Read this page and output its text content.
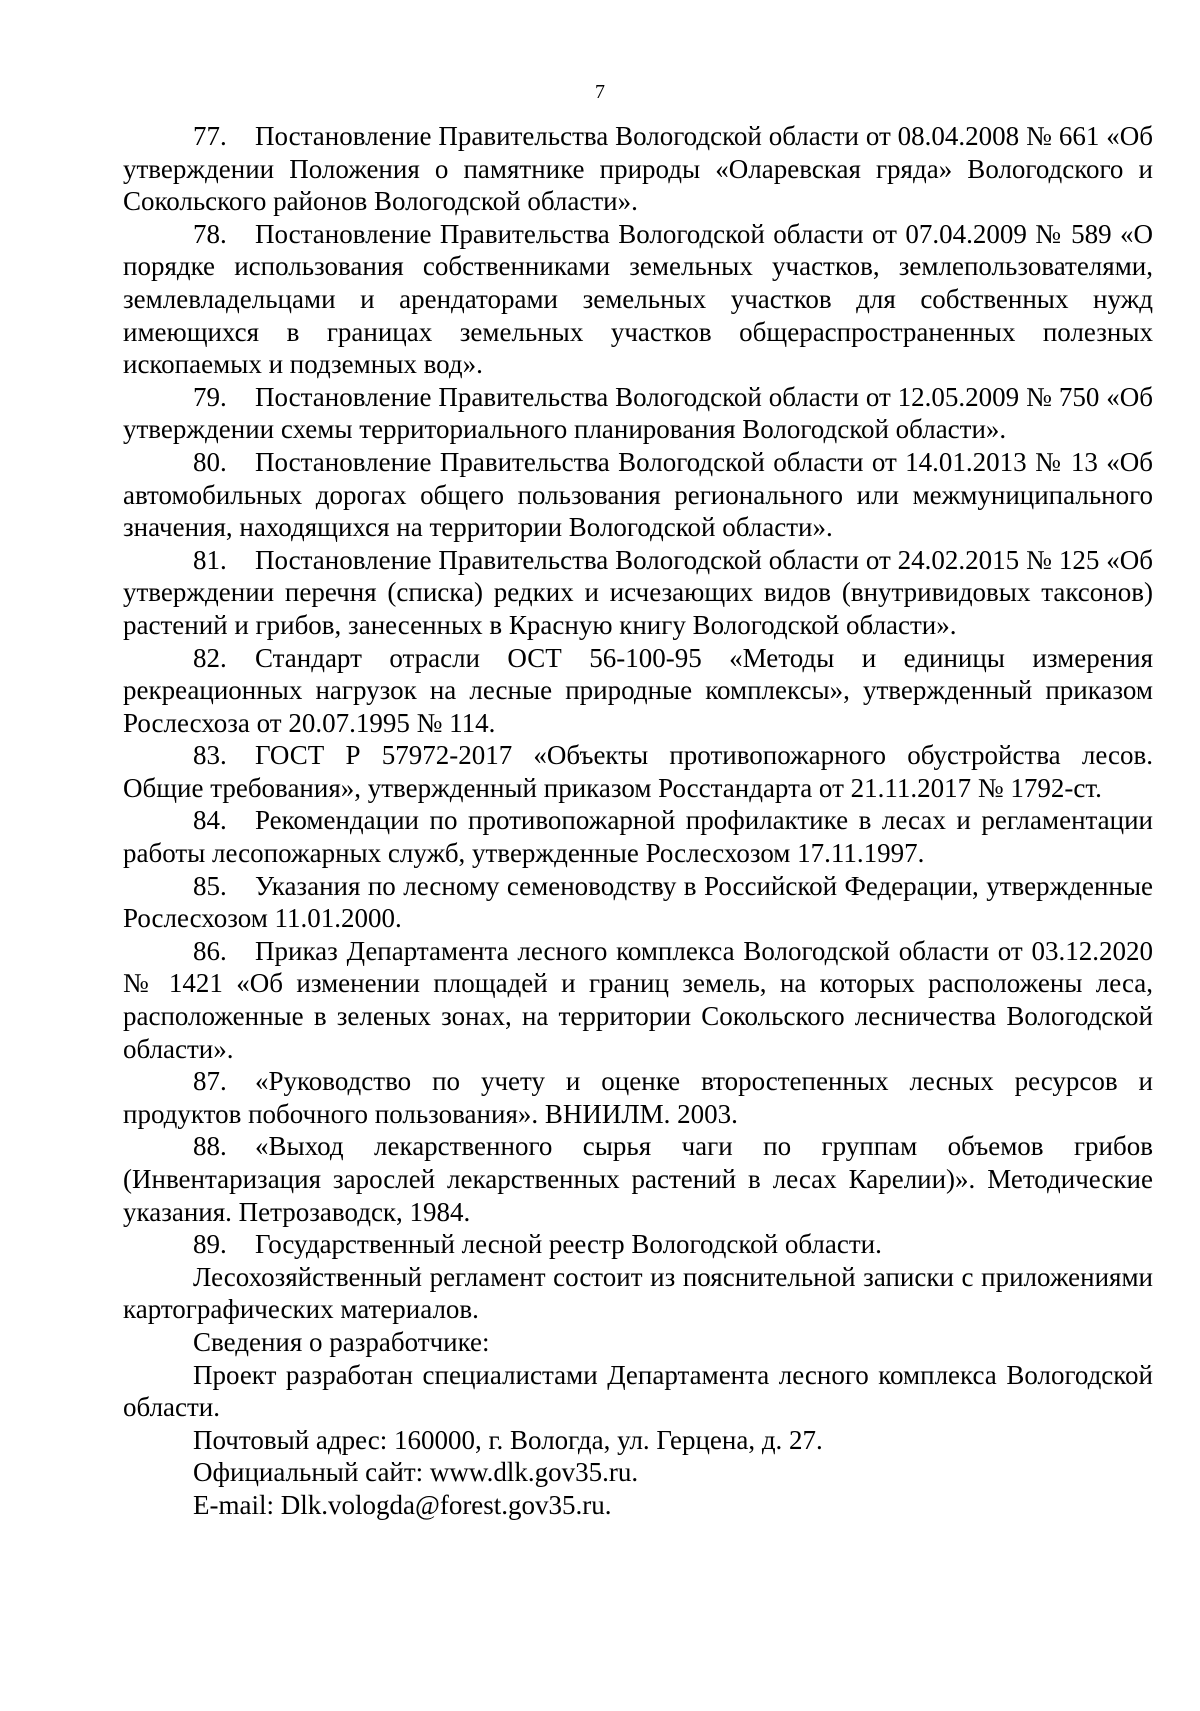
7

77. Постановление Правительства Вологодской области от 08.04.2008 № 661 «Об утверждении Положения о памятнике природы «Оларевская гряда» Вологодского и Сокольского районов Вологодской области».

78. Постановление Правительства Вологодской области от 07.04.2009 № 589 «О порядке использования собственниками земельных участков, землепользователями, землевладельцами и арендаторами земельных участков для собственных нужд имеющихся в границах земельных участков общераспространенных полезных ископаемых и подземных вод».

79. Постановление Правительства Вологодской области от 12.05.2009 № 750 «Об утверждении схемы территориального планирования Вологодской области».

80. Постановление Правительства Вологодской области от 14.01.2013 № 13 «Об автомобильных дорогах общего пользования регионального или межмуниципального значения, находящихся на территории Вологодской области».

81. Постановление Правительства Вологодской области от 24.02.2015 № 125 «Об утверждении перечня (списка) редких и исчезающих видов (внутривидовых таксонов) растений и грибов, занесенных в Красную книгу Вологодской области».

82. Стандарт отрасли ОСТ 56-100-95 «Методы и единицы измерения рекреационных нагрузок на лесные природные комплексы», утвержденный приказом Рослесхоза от 20.07.1995 № 114.

83. ГОСТ Р 57972-2017 «Объекты противопожарного обустройства лесов. Общие требования», утвержденный приказом Росстандарта от 21.11.2017 № 1792-ст.

84. Рекомендации по противопожарной профилактике в лесах и регламентации работы лесопожарных служб, утвержденные Рослесхозом 17.11.1997.

85. Указания по лесному семеноводству в Российской Федерации, утвержденные Рослесхозом 11.01.2000.

86. Приказ Департамента лесного комплекса Вологодской области от 03.12.2020 № 1421 «Об изменении площадей и границ земель, на которых расположены леса, расположенные в зеленых зонах, на территории Сокольского лесничества Вологодской области».

87. «Руководство по учету и оценке второстепенных лесных ресурсов и продуктов побочного пользования». ВНИИЛМ. 2003.

88. «Выход лекарственного сырья чаги по группам объемов грибов (Инвентаризация зарослей лекарственных растений в лесах Карелии)». Методические указания. Петрозаводск, 1984.

89. Государственный лесной реестр Вологодской области.

Лесохозяйственный регламент состоит из пояснительной записки с приложениями картографических материалов.

Сведения о разработчике:

Проект разработан специалистами Департамента лесного комплекса Вологодской области.

Почтовый адрес: 160000, г. Вологда, ул. Герцена, д. 27.

Официальный сайт: www.dlk.gov35.ru.

E-mail: Dlk.vologda@forest.gov35.ru.
